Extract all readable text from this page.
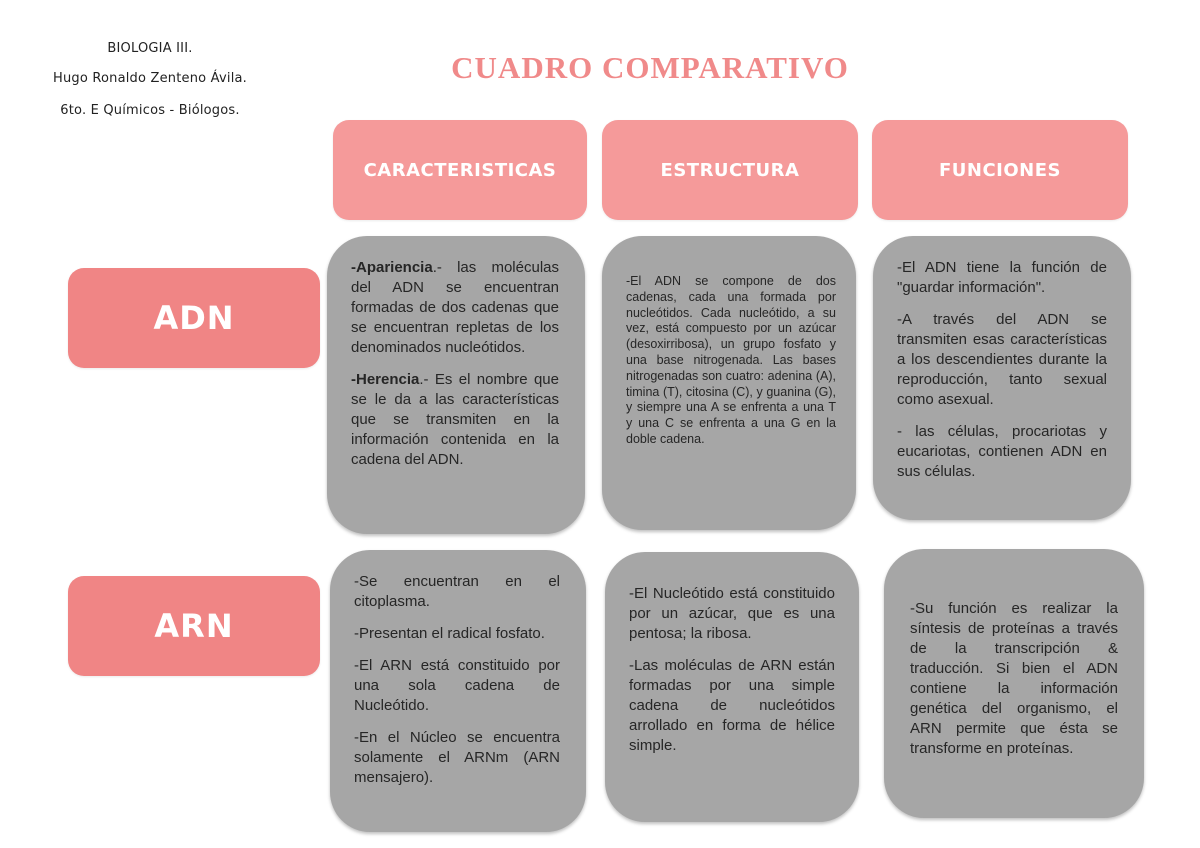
BIOLOGIA III.
Hugo Ronaldo Zenteno Ávila.
6to. E Químicos - Biólogos.
CUADRO COMPARATIVO
CARACTERISTICAS	ESTRUCTURA	FUNCIONES
ADN
ARN

-Apariencia.- las moléculas del ADN se encuentran formadas de dos cadenas que se encuentran repletas de los denominados nucleótidos.

-Herencia.- Es el nombre que se le da a las características que se transmiten en la información contenida en la cadena del ADN.

-El ADN se compone de dos cadenas, cada una formada por nucleótidos. Cada nucleótido, a su vez, está compuesto por un azúcar (desoxirribosa), un grupo fosfato y una base nitrogenada. Las bases nitrogenadas son cuatro: adenina (A), timina (T), citosina (C), y guanina (G), y siempre una A se enfrenta a una T y una C se enfrenta a una G en la doble cadena.

-El ADN tiene la función de "guardar información".

-A través del ADN se transmiten esas características a los descendientes durante la reproducción, tanto sexual como asexual.

- las células, procariotas y eucariotas, contienen ADN en sus células.

-Se encuentran en el citoplasma.

-Presentan el radical fosfato.

-El ARN está constituido por una sola cadena de Nucleótido.

-En el Núcleo se encuentra solamente el ARNm (ARN mensajero).

-El Nucleótido está constituido por un azúcar, que es una pentosa; la ribosa.

-Las moléculas de ARN están formadas por una simple cadena de nucleótidos arrollado en forma de hélice simple.

-Su función es realizar la síntesis de proteínas a través de la transcripción & traducción. Si bien el ADN contiene la información genética del organismo, el ARN permite que ésta se transforme en proteínas.
